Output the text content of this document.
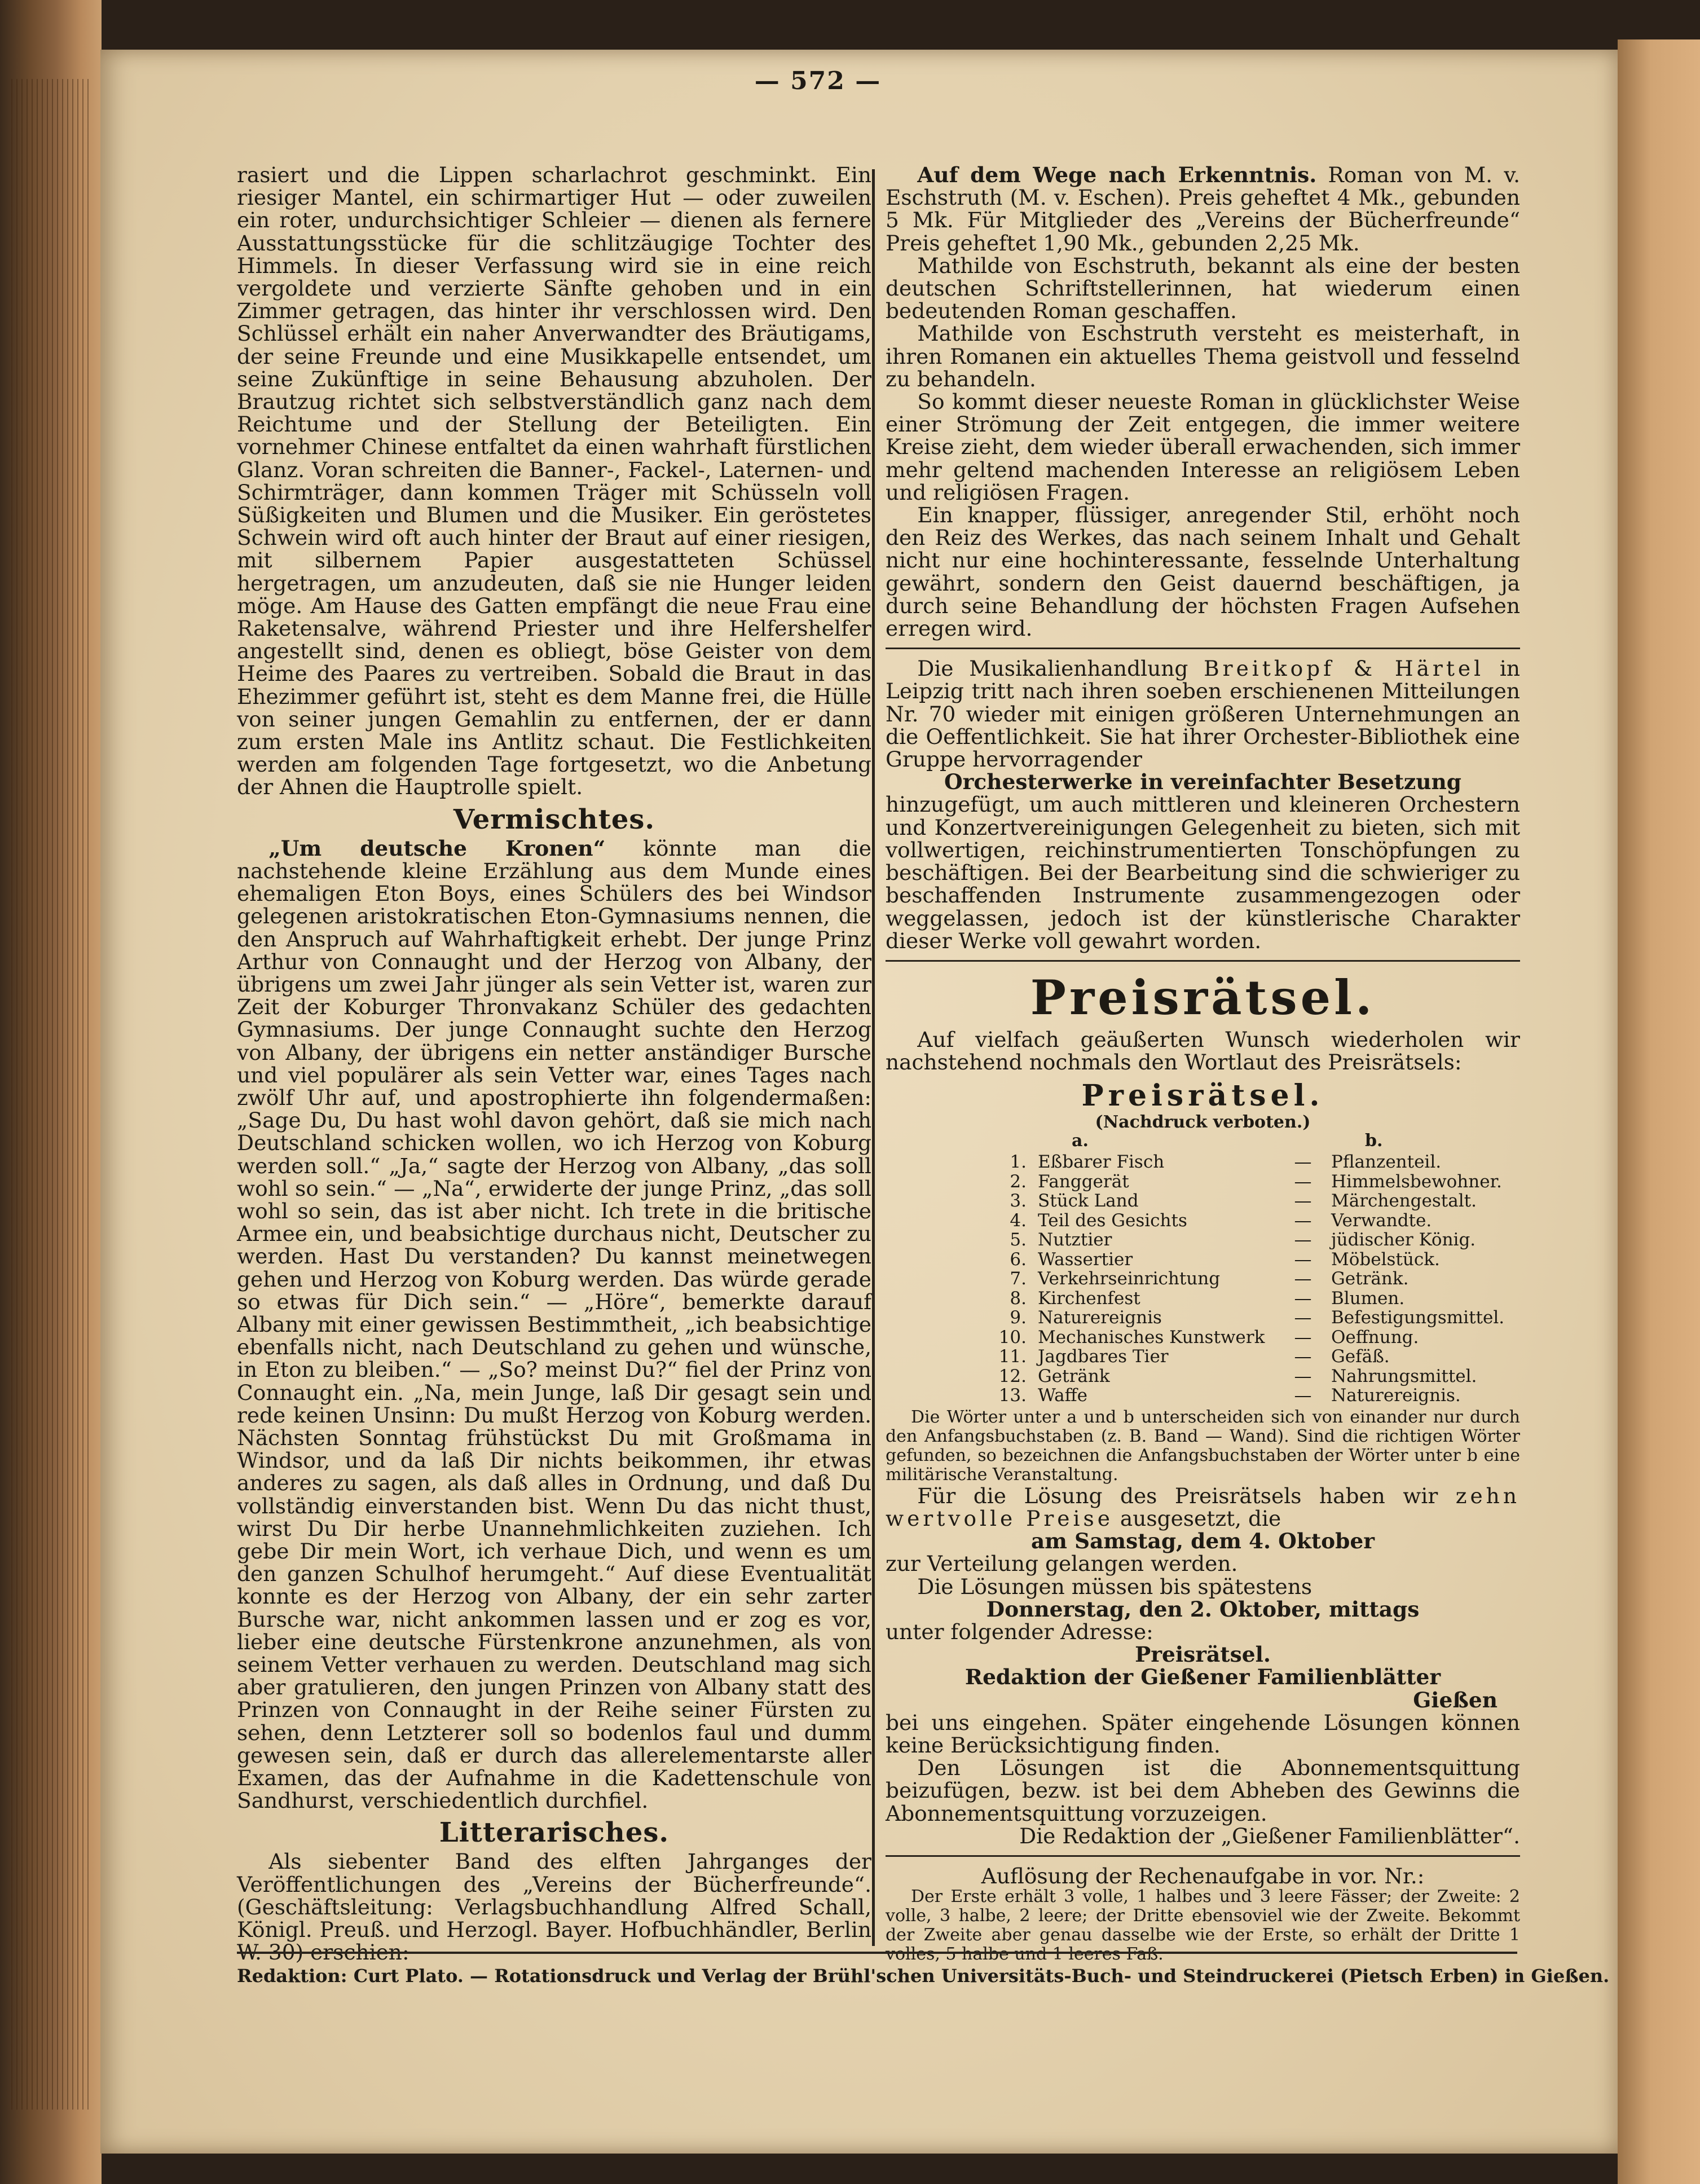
— 572 —

rasiert und die Lippen scharlachrot geschminkt. Ein riesiger Mantel, ein schirmartiger Hut — oder zuweilen ein roter, undurchsichtiger Schleier — dienen als fernere Ausstattungsstücke für die schlitzäugige Tochter des Himmels. In dieser Verfassung wird sie in eine reich vergoldete und verzierte Sänfte gehoben und in ein Zimmer getragen, das hinter ihr verschlossen wird. Den Schlüssel erhält ein naher Anverwandter des Bräutigams, der seine Freunde und eine Musikkapelle entsendet, um seine Zukünftige in seine Behausung abzuholen. Der Brautzug richtet sich selbstverständlich ganz nach dem Reichtume und der Stellung der Beteiligten. Ein vornehmer Chinese entfaltet da einen wahrhaft fürstlichen Glanz. Voran schreiten die Banner-, Fackel-, Laternen- und Schirmträger, dann kommen Träger mit Schüsseln voll Süßigkeiten und Blumen und die Musiker. Ein geröstetes Schwein wird oft auch hinter der Braut auf einer riesigen, mit silbernem Papier ausgestatteten Schüssel hergetragen, um anzudeuten, daß sie nie Hunger leiden möge. Am Hause des Gatten empfängt die neue Frau eine Raketensalve, während Priester und ihre Helfershelfer angestellt sind, denen es obliegt, böse Geister von dem Heime des Paares zu vertreiben. Sobald die Braut in das Ehezimmer geführt ist, steht es dem Manne frei, die Hülle von seiner jungen Gemahlin zu entfernen, der er dann zum ersten Male ins Antlitz schaut. Die Festlichkeiten werden am folgenden Tage fortgesetzt, wo die Anbetung der Ahnen die Hauptrolle spielt.

Vermischtes.

„Um deutsche Kronen“ könnte man die nachstehende kleine Erzählung aus dem Munde eines ehemaligen Eton Boys, eines Schülers des bei Windsor gelegenen aristokratischen Eton-Gymnasiums nennen, die den Anspruch auf Wahrhaftigkeit erhebt. Der junge Prinz Arthur von Connaught und der Herzog von Albany, der übrigens um zwei Jahr jünger als sein Vetter ist, waren zur Zeit der Koburger Thronvakanz Schüler des gedachten Gymnasiums. Der junge Connaught suchte den Herzog von Albany, der übrigens ein netter anständiger Bursche und viel populärer als sein Vetter war, eines Tages nach zwölf Uhr auf, und apostrophierte ihn folgendermaßen: „Sage Du, Du hast wohl davon gehört, daß sie mich nach Deutschland schicken wollen, wo ich Herzog von Koburg werden soll.“ „Ja,“ sagte der Herzog von Albany, „das soll wohl so sein.“ — „Na“, erwiderte der junge Prinz, „das soll wohl so sein, das ist aber nicht. Ich trete in die britische Armee ein, und beabsichtige durchaus nicht, Deutscher zu werden. Hast Du verstanden? Du kannst meinetwegen gehen und Herzog von Koburg werden. Das würde gerade so etwas für Dich sein.“ — „Höre“, bemerkte darauf Albany mit einer gewissen Bestimmtheit, „ich beabsichtige ebenfalls nicht, nach Deutschland zu gehen und wünsche, in Eton zu bleiben.“ — „So? meinst Du?“ fiel der Prinz von Connaught ein. „Na, mein Junge, laß Dir gesagt sein und rede keinen Unsinn: Du mußt Herzog von Koburg werden. Nächsten Sonntag frühstückst Du mit Großmama in Windsor, und da laß Dir nichts beikommen, ihr etwas anderes zu sagen, als daß alles in Ordnung, und daß Du vollständig einverstanden bist. Wenn Du das nicht thust, wirst Du Dir herbe Unannehmlichkeiten zuziehen. Ich gebe Dir mein Wort, ich verhaue Dich, und wenn es um den ganzen Schulhof herumgeht.“ Auf diese Eventualität konnte es der Herzog von Albany, der ein sehr zarter Bursche war, nicht ankommen lassen und er zog es vor, lieber eine deutsche Fürstenkrone anzunehmen, als von seinem Vetter verhauen zu werden. Deutschland mag sich aber gratulieren, den jungen Prinzen von Albany statt des Prinzen von Connaught in der Reihe seiner Fürsten zu sehen, denn Letzterer soll so bodenlos faul und dumm gewesen sein, daß er durch das allerelementarste aller Examen, das der Aufnahme in die Kadettenschule von Sandhurst, verschiedentlich durchfiel.

Litterarisches.

Als siebenter Band des elften Jahrganges der Veröffentlichungen des „Vereins der Bücherfreunde“. (Geschäftsleitung: Verlagsbuchhandlung Alfred Schall, Königl. Preuß. und Herzogl. Bayer. Hofbuchhändler, Berlin W. 30) erschien:

Auf dem Wege nach Erkenntnis. Roman von M. v. Eschstruth (M. v. Eschen). Preis geheftet 4 Mk., gebunden 5 Mk. Für Mitglieder des „Vereins der Bücherfreunde“ Preis geheftet 1,90 Mk., gebunden 2,25 Mk.

Mathilde von Eschstruth, bekannt als eine der besten deutschen Schriftstellerinnen, hat wiederum einen bedeutenden Roman geschaffen.

Mathilde von Eschstruth versteht es meisterhaft, in ihren Romanen ein aktuelles Thema geistvoll und fesselnd zu behandeln.

So kommt dieser neueste Roman in glücklichster Weise einer Strömung der Zeit entgegen, die immer weitere Kreise zieht, dem wieder überall erwachenden, sich immer mehr geltend machenden Interesse an religiösem Leben und religiösen Fragen.

Ein knapper, flüssiger, anregender Stil, erhöht noch den Reiz des Werkes, das nach seinem Inhalt und Gehalt nicht nur eine hochinteressante, fesselnde Unterhaltung gewährt, sondern den Geist dauernd beschäftigen, ja durch seine Behandlung der höchsten Fragen Aufsehen erregen wird.

Die Musikalienhandlung Breitkopf & Härtel in Leipzig tritt nach ihren soeben erschienenen Mitteilungen Nr. 70 wieder mit einigen größeren Unternehmungen an die Oeffentlichkeit. Sie hat ihrer Orchester-Bibliothek eine Gruppe hervorragender

Orchesterwerke in vereinfachter Besetzung

hinzugefügt, um auch mittleren und kleineren Orchestern und Konzertvereinigungen Gelegenheit zu bieten, sich mit vollwertigen, reichinstrumentierten Tonschöpfungen zu beschäftigen. Bei der Bearbeitung sind die schwieriger zu beschaffenden Instrumente zusammengezogen oder weggelassen, jedoch ist der künstlerische Charakter dieser Werke voll gewahrt worden.

Preisrätsel.

Auf vielfach geäußerten Wunsch wiederholen wir nachstehend nochmals den Wortlaut des Preisrätsels:

Preisrätsel.
(Nachdruck verboten.)
a.	b.
1.	Eßbarer Fisch	—	Pflanzenteil.
2.	Fanggerät	—	Himmelsbewohner.
3.	Stück Land	—	Märchengestalt.
4.	Teil des Gesichts	—	Verwandte.
5.	Nutztier	—	jüdischer König.
6.	Wassertier	—	Möbelstück.
7.	Verkehrseinrichtung	—	Getränk.
8.	Kirchenfest	—	Blumen.
9.	Naturereignis	—	Befestigungsmittel.
10.	Mechanisches Kunstwerk	—	Oeffnung.
11.	Jagdbares Tier	—	Gefäß.
12.	Getränk	—	Nahrungsmittel.
13.	Waffe	—	Naturereignis.

Die Wörter unter a und b unterscheiden sich von einander nur durch den Anfangsbuchstaben (z. B. Band — Wand). Sind die richtigen Wörter gefunden, so bezeichnen die Anfangsbuchstaben der Wörter unter b eine militärische Veranstaltung.

Für die Lösung des Preisrätsels haben wir zehn wertvolle Preise ausgesetzt, die

am Samstag, dem 4. Oktober

zur Verteilung gelangen werden.

Die Lösungen müssen bis spätestens

Donnerstag, den 2. Oktober, mittags

unter folgender Adresse:

Preisrätsel.

Redaktion der Gießener Familienblätter

Gießen

bei uns eingehen. Später eingehende Lösungen können keine Berücksichtigung finden.

Den Lösungen ist die Abonnementsquittung beizufügen, bezw. ist bei dem Abheben des Gewinns die Abonnementsquittung vorzuzeigen.

Die Redaktion der „Gießener Familienblätter“.

Auflösung der Rechenaufgabe in vor. Nr.:

Der Erste erhält 3 volle, 1 halbes und 3 leere Fässer; der Zweite: 2 volle, 3 halbe, 2 leere; der Dritte ebensoviel wie der Zweite. Bekommt der Zweite aber genau dasselbe wie der Erste, so erhält der Dritte 1 volles, 5 halbe und 1 leeres Faß.

Redaktion: Curt Plato. — Rotationsdruck und Verlag der Brühl'schen Universitäts-Buch- und Steindruckerei (Pietsch Erben) in Gießen.
